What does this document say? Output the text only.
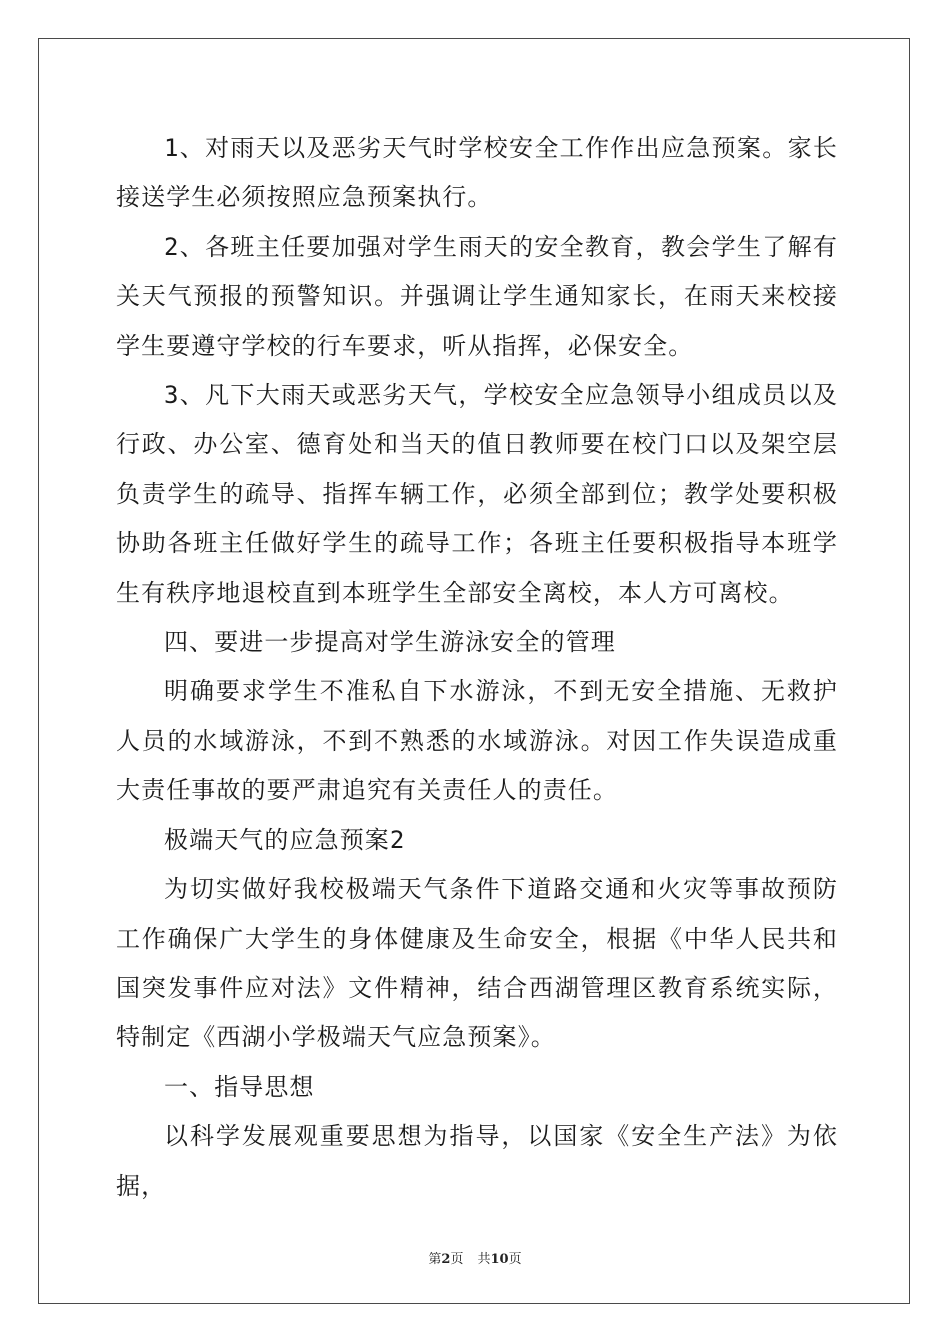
1、对雨天以及恶劣天气时学校安全工作作出应急预案。家长接送学生必须按照应急预案执行。

2、各班主任要加强对学生雨天的安全教育，教会学生了解有关天气预报的预警知识。并强调让学生通知家长，在雨天来校接学生要遵守学校的行车要求，听从指挥，必保安全。

3、凡下大雨天或恶劣天气，学校安全应急领导小组成员以及行政、办公室、德育处和当天的值日教师要在校门口以及架空层负责学生的疏导、指挥车辆工作，必须全部到位；教学处要积极协助各班主任做好学生的疏导工作；各班主任要积极指导本班学生有秩序地退校直到本班学生全部安全离校，本人方可离校。

四、要进一步提高对学生游泳安全的管理

明确要求学生不准私自下水游泳，不到无安全措施、无救护人员的水域游泳，不到不熟悉的水域游泳。对因工作失误造成重大责任事故的要严肃追究有关责任人的责任。

极端天气的应急预案2

为切实做好我校极端天气条件下道路交通和火灾等事故预防工作确保广大学生的身体健康及生命安全，根据《中华人民共和国突发事件应对法》文件精神，结合西湖管理区教育系统实际，特制定《西湖小学极端天气应急预案》。

一、指导思想

以科学发展观重要思想为指导，以国家《安全生产法》为依据，

第2页 共10页
